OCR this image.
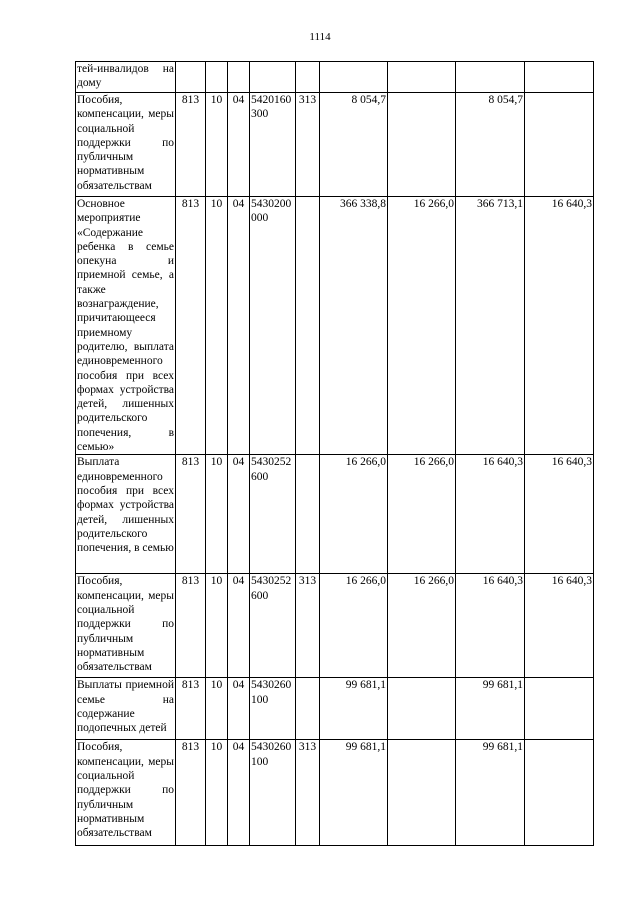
1114
тей-инвалидов на дому									
Пособия, компенсации, меры социальной поддержки по публичным нормативным обязательствам	813	10	04	5420160300	313	8 054,7		8 054,7	
Основное мероприятие «Содержание ребенка в семье опекуна и приемной семье, а также вознаграждение, причитающееся приемному родителю, выплата единовременного пособия при всех формах устройства детей, лишенных родительского попечения, в семью»	813	10	04	5430200000		366 338,8	16 266,0	366 713,1	16 640,3
Выплата единовременного пособия при всех формах устройства детей, лишенных родительского попечения, в семью	813	10	04	5430252600		16 266,0	16 266,0	16 640,3	16 640,3
Пособия, компенсации, меры социальной поддержки по публичным нормативным обязательствам	813	10	04	5430252600	313	16 266,0	16 266,0	16 640,3	16 640,3
Выплаты приемной семье на содержание подопечных детей	813	10	04	5430260100		99 681,1		99 681,1	
Пособия, компенсации, меры социальной поддержки по публичным нормативным обязательствам	813	10	04	5430260100	313	99 681,1		99 681,1	
